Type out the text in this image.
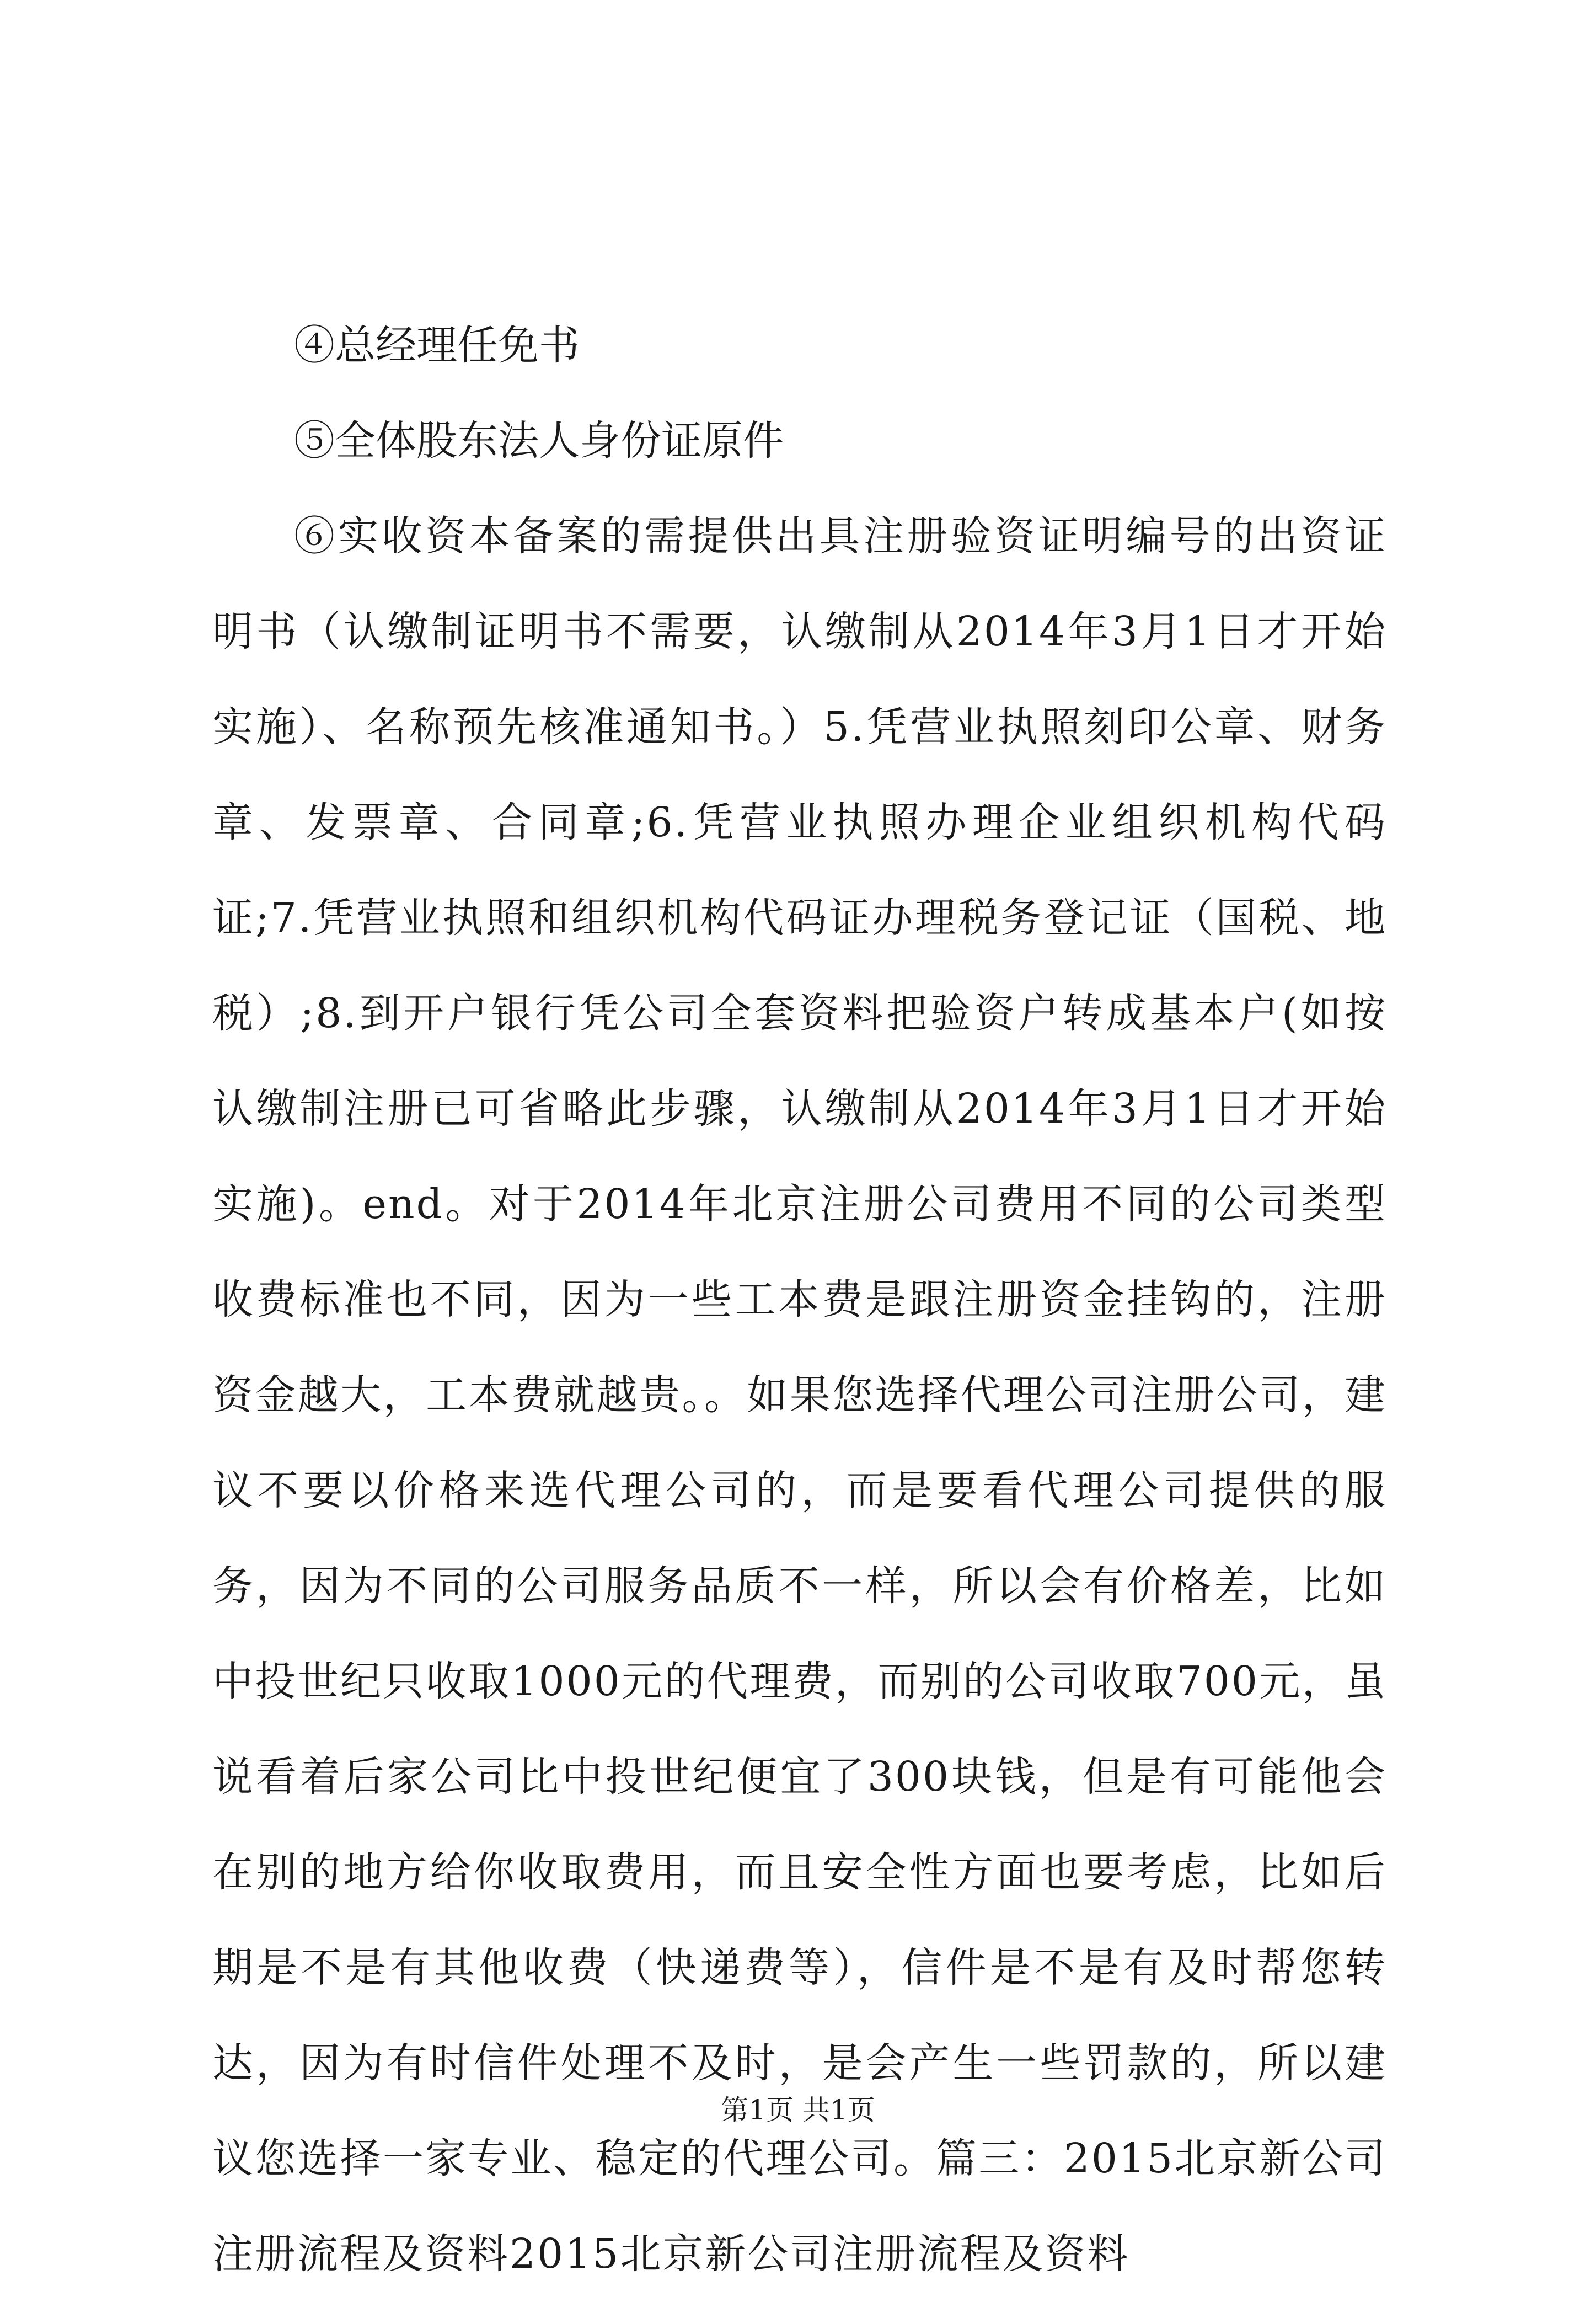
④总经理任免书

⑤全体股东法人身份证原件

⑥实收资本备案的需提供出具注册验资证明编号的出资证明书（认缴制证明书不需要，认缴制从2014年3月1日才开始实施）、名称预先核准通知书。）5.凭营业执照刻印公章、财务章、发票章、合同章;6.凭营业执照办理企业组织机构代码证;7.凭营业执照和组织机构代码证办理税务登记证（国税、地税）;8.到开户银行凭公司全套资料把验资户转成基本户(如按认缴制注册已可省略此步骤，认缴制从2014年3月1日才开始实施)。end。对于2014年北京注册公司费用不同的公司类型收费标准也不同，因为一些工本费是跟注册资金挂钩的，注册资金越大，工本费就越贵。。如果您选择代理公司注册公司，建议不要以价格来选代理公司的，而是要看代理公司提供的服务，因为不同的公司服务品质不一样，所以会有价格差，比如中投世纪只收取1000元的代理费，而别的公司收取700元，虽说看着后家公司比中投世纪便宜了300块钱，但是有可能他会在别的地方给你收取费用，而且安全性方面也要考虑，比如后期是不是有其他收费（快递费等），信件是不是有及时帮您转达，因为有时信件处理不及时，是会产生一些罚款的，所以建议您选择一家专业、稳定的代理公司。篇三：2015北京新公司注册流程及资料2015北京新公司注册流程及资料

第1页 共1页
